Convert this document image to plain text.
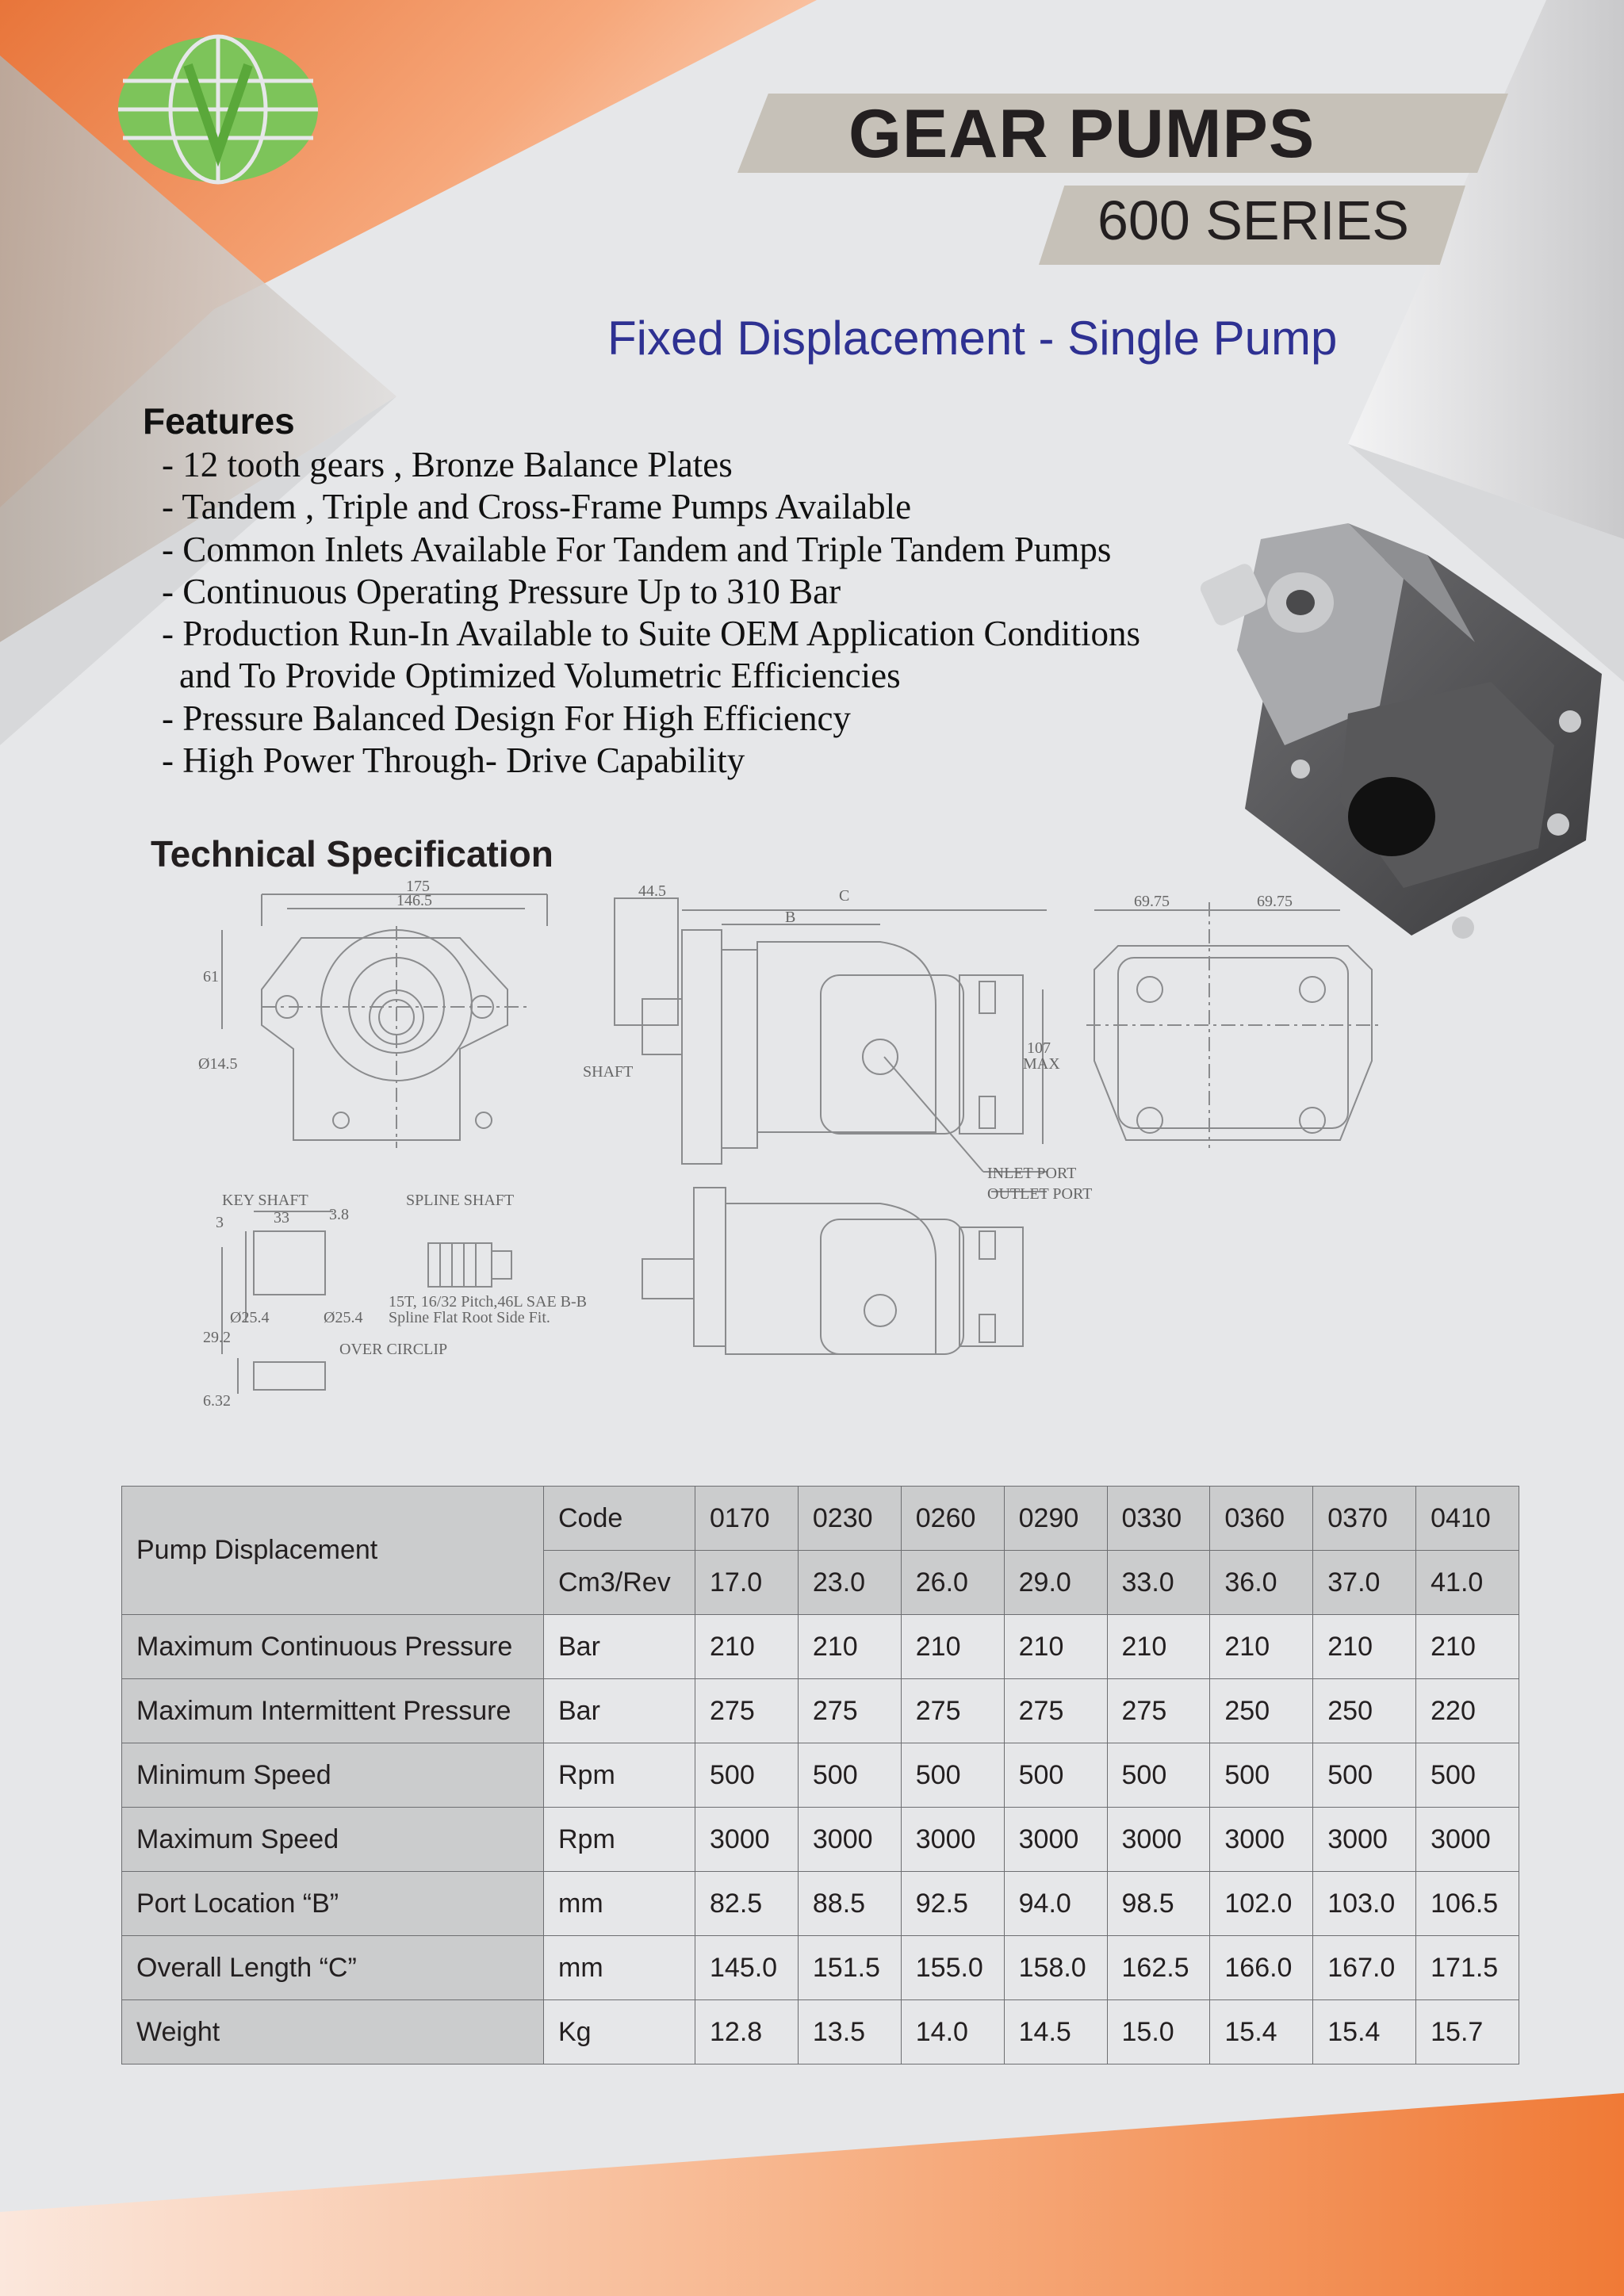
GEAR PUMPS
600 SERIES
Fixed Displacement - Single Pump
Features
- 12 tooth gears , Bronze Balance Plates
- Tandem , Triple and Cross-Frame Pumps Available
- Common Inlets Available For Tandem and Triple Tandem Pumps
- Continuous Operating Pressure Up to 310 Bar
- Production Run-In Available to Suite OEM Application Conditions
and To Provide Optimized Volumetric Efficiencies
- Pressure Balanced Design For High Efficiency
- High Power Through- Drive Capability
Technical Specification
175
146.5
61
Ø14.5
44.5
B
C
SHAFT
69.75	69.75
MAX
107
INLET PORT
OUTLET PORT
KEY SHAFT	SPLINE SHAFT
3	33	3.8
29.2
Ø25.4	Ø25.4
OVER CIRCLIP
6.32
15T, 16/32 Pitch,46L SAE B-B
Spline Flat Root Side Fit.
Pump Displacement	Code	0170	0230	0260	0290	0330	0360	0370	0410
	Cm3/Rev	17.0	23.0	26.0	29.0	33.0	36.0	37.0	41.0
Maximum Continuous Pressure	Bar	210	210	210	210	210	210	210	210
Maximum Intermittent Pressure	Bar	275	275	275	275	275	250	250	220
Minimum Speed	Rpm	500	500	500	500	500	500	500	500
Maximum Speed	Rpm	3000	3000	3000	3000	3000	3000	3000	3000
Port Location “B”	mm	82.5	88.5	92.5	94.0	98.5	102.0	103.0	106.5
Overall Length “C”	mm	145.0	151.5	155.0	158.0	162.5	166.0	167.0	171.5
Weight	Kg	12.8	13.5	14.0	14.5	15.0	15.4	15.4	15.7
